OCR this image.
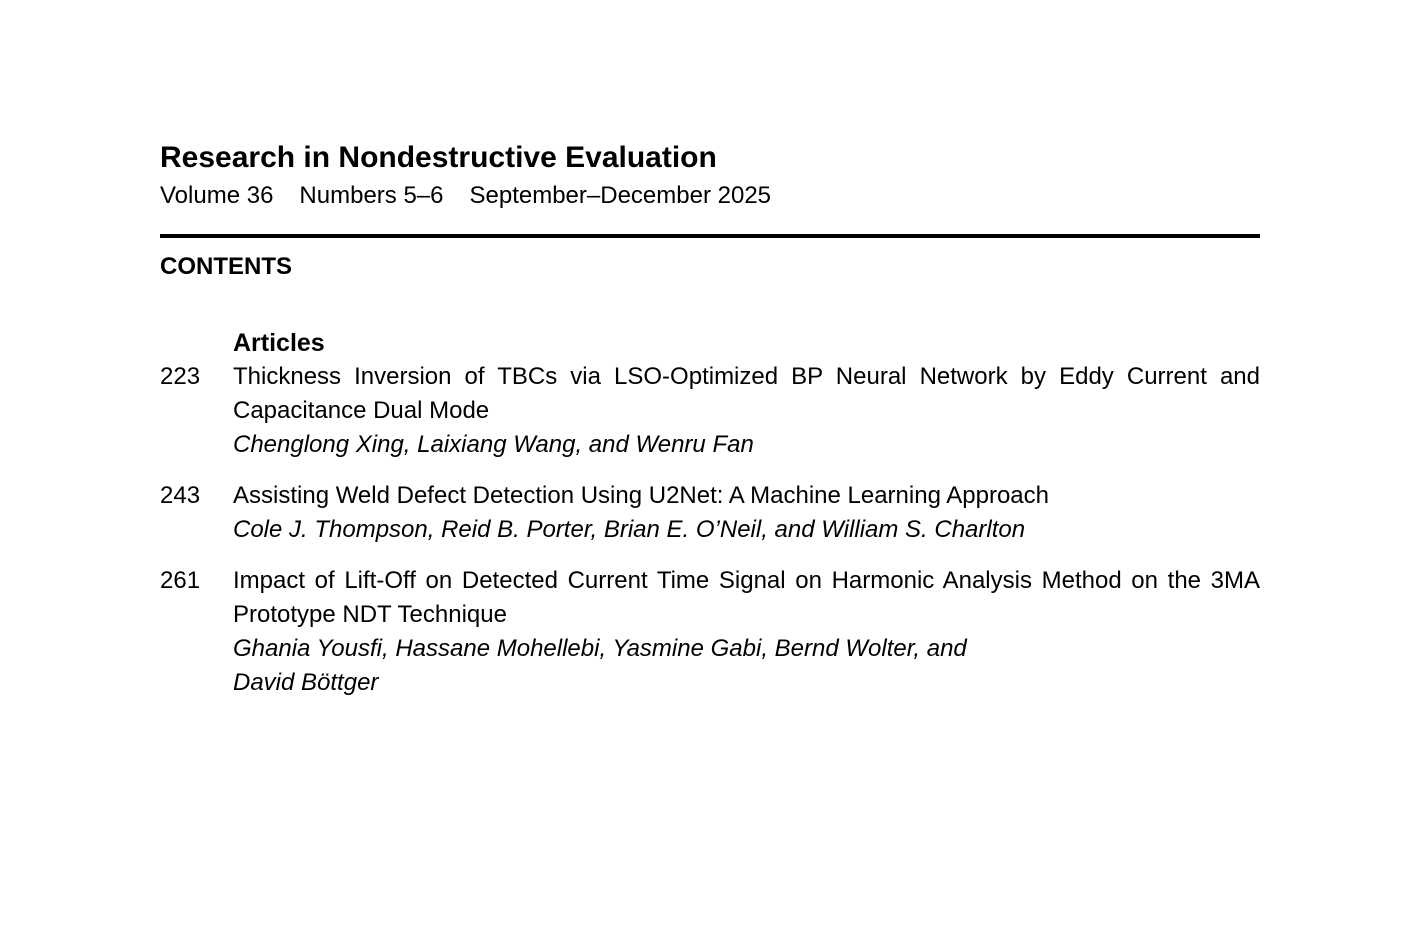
Research in Nondestructive Evaluation
Volume 36 Numbers 5–6 September–December 2025
CONTENTS
Articles
223 Thickness Inversion of TBCs via LSO-Optimized BP Neural Network by Eddy Current and Capacitance Dual Mode
Chenglong Xing, Laixiang Wang, and Wenru Fan
243 Assisting Weld Defect Detection Using U2Net: A Machine Learning Approach
Cole J. Thompson, Reid B. Porter, Brian E. O’Neil, and William S. Charlton
261 Impact of Lift-Off on Detected Current Time Signal on Harmonic Analysis Method on the 3MA Prototype NDT Technique
Ghania Yousfi, Hassane Mohellebi, Yasmine Gabi, Bernd Wolter, and David Böttger
